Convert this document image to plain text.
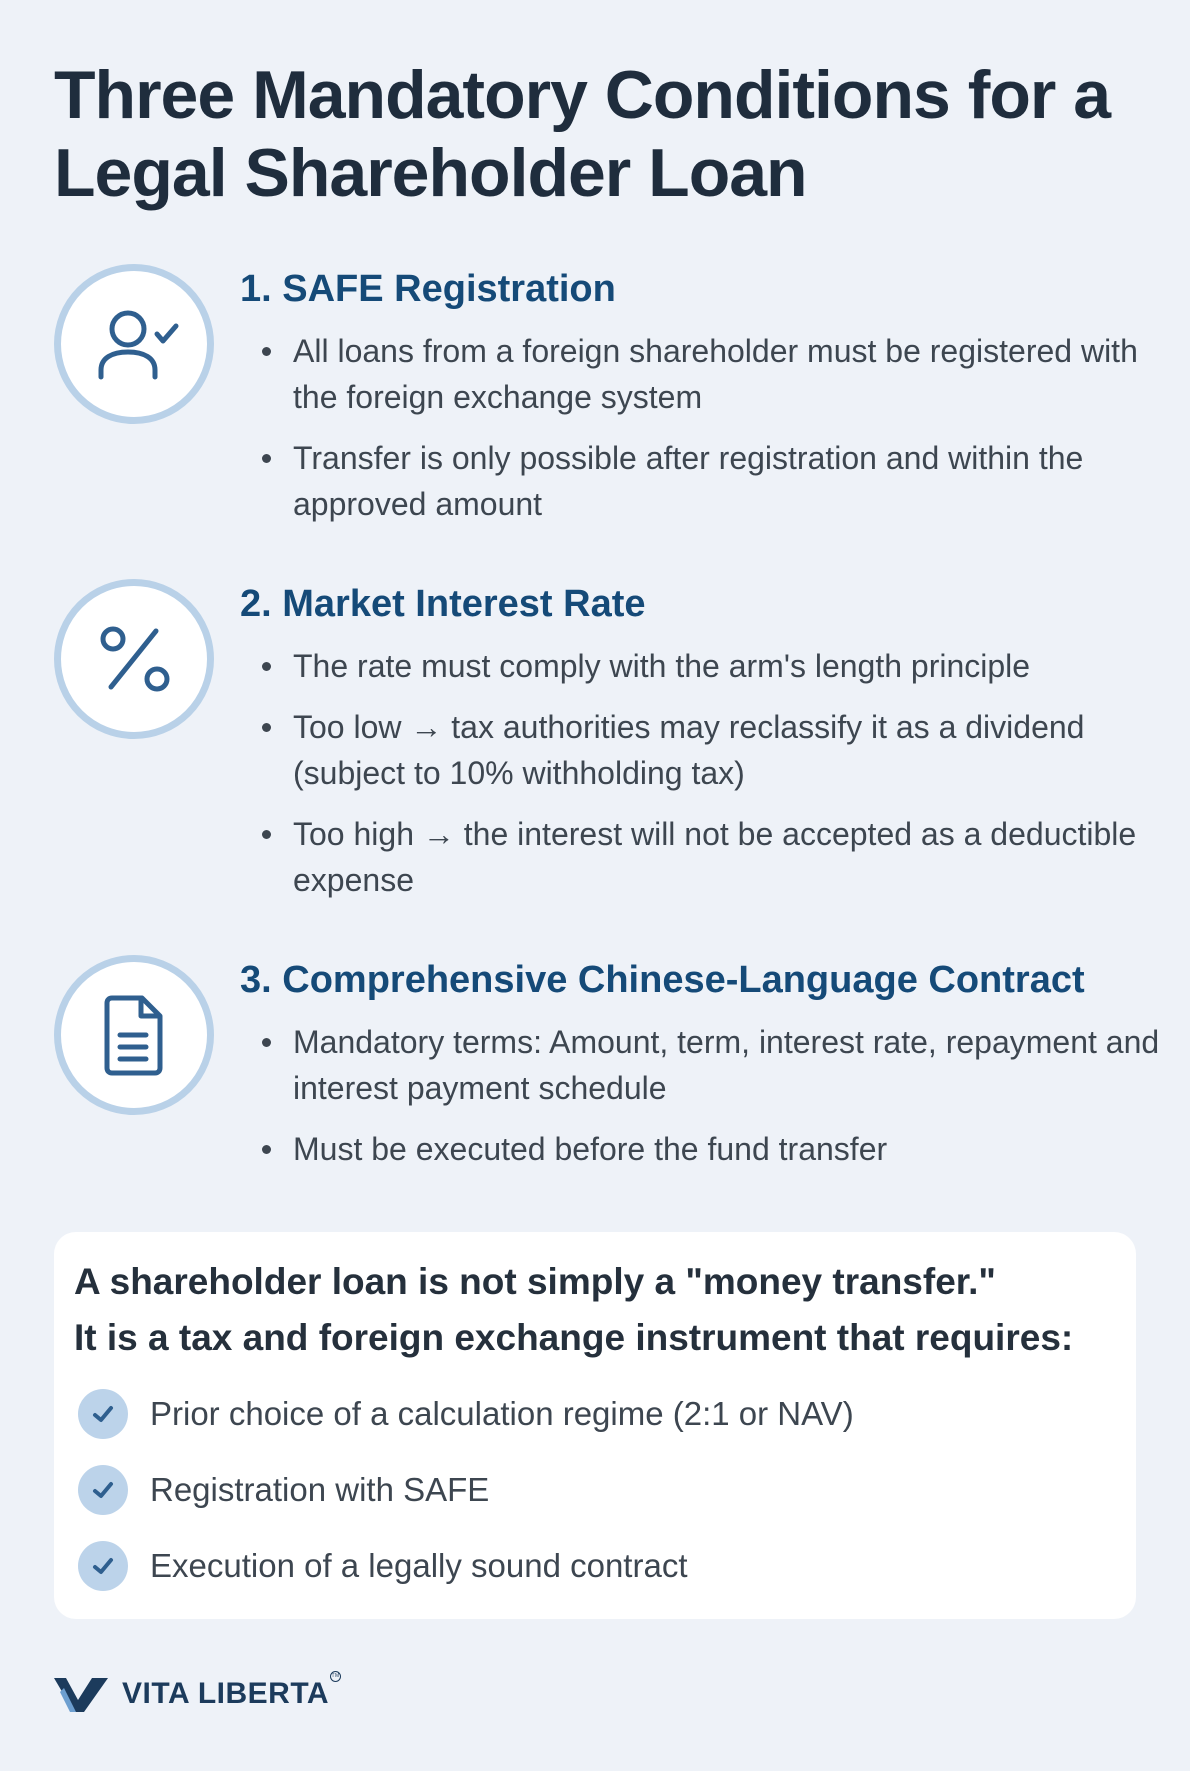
Three Mandatory Conditions for a Legal Shareholder Loan
1. SAFE Registration
All loans from a foreign shareholder must be registered with the foreign exchange system
Transfer is only possible after registration and within the approved amount
2. Market Interest Rate
The rate must comply with the arm's length principle
Too low → tax authorities may reclassify it as a dividend (subject to 10% withholding tax)
Too high → the interest will not be accepted as a deductible expense
3. Comprehensive Chinese-Language Contract
Mandatory terms: Amount, term, interest rate, repayment and interest payment schedule
Must be executed before the fund transfer
A shareholder loan is not simply a "money transfer."
It is a tax and foreign exchange instrument that requires:
Prior choice of a calculation regime (2:1 or NAV)
Registration with SAFE
Execution of a legally sound contract
VITA LIBERTA
TM
